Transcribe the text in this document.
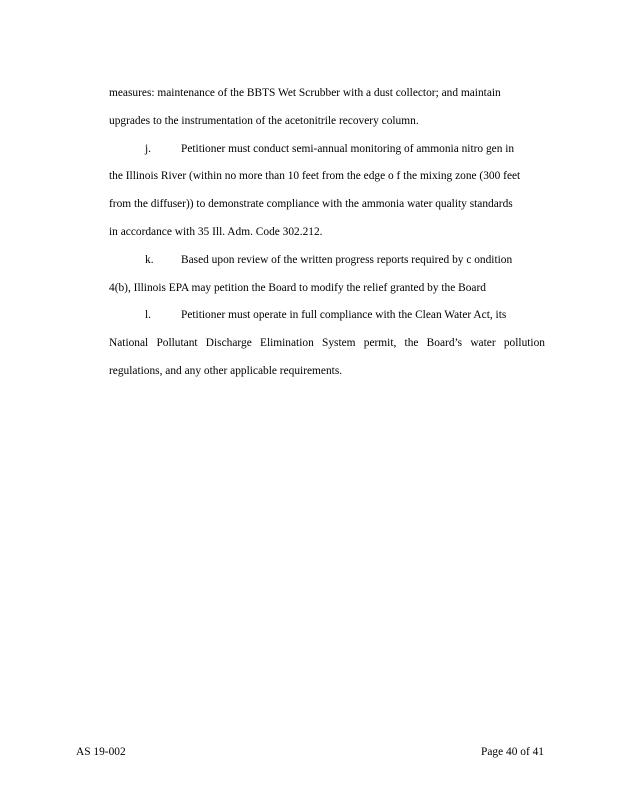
measures: maintenance of the BBTS Wet Scrubber with a dust collector; and maintain
upgrades to the instrumentation of the acetonitrile recovery column.
j.	Petitioner must conduct semi-annual monitoring of ammonia nitro gen in
the Illinois River (within no more than 10 feet from the edge o f the mixing zone (300 feet
from the diffuser)) to demonstrate compliance with the ammonia water quality standards
in accordance with 35 Ill. Adm. Code 302.212.
k. Based upon review of the written progress reports required by c ondition
4(b), Illinois EPA may petition the Board to modify the relief granted by the Board
l.	Petitioner must operate in full compliance with the Clean Water Act, its
National Pollutant Discharge Elimination System permit, the Board’s water pollution
regulations, and any other applicable requirements.
AS 19-002	Page 40 of 41
